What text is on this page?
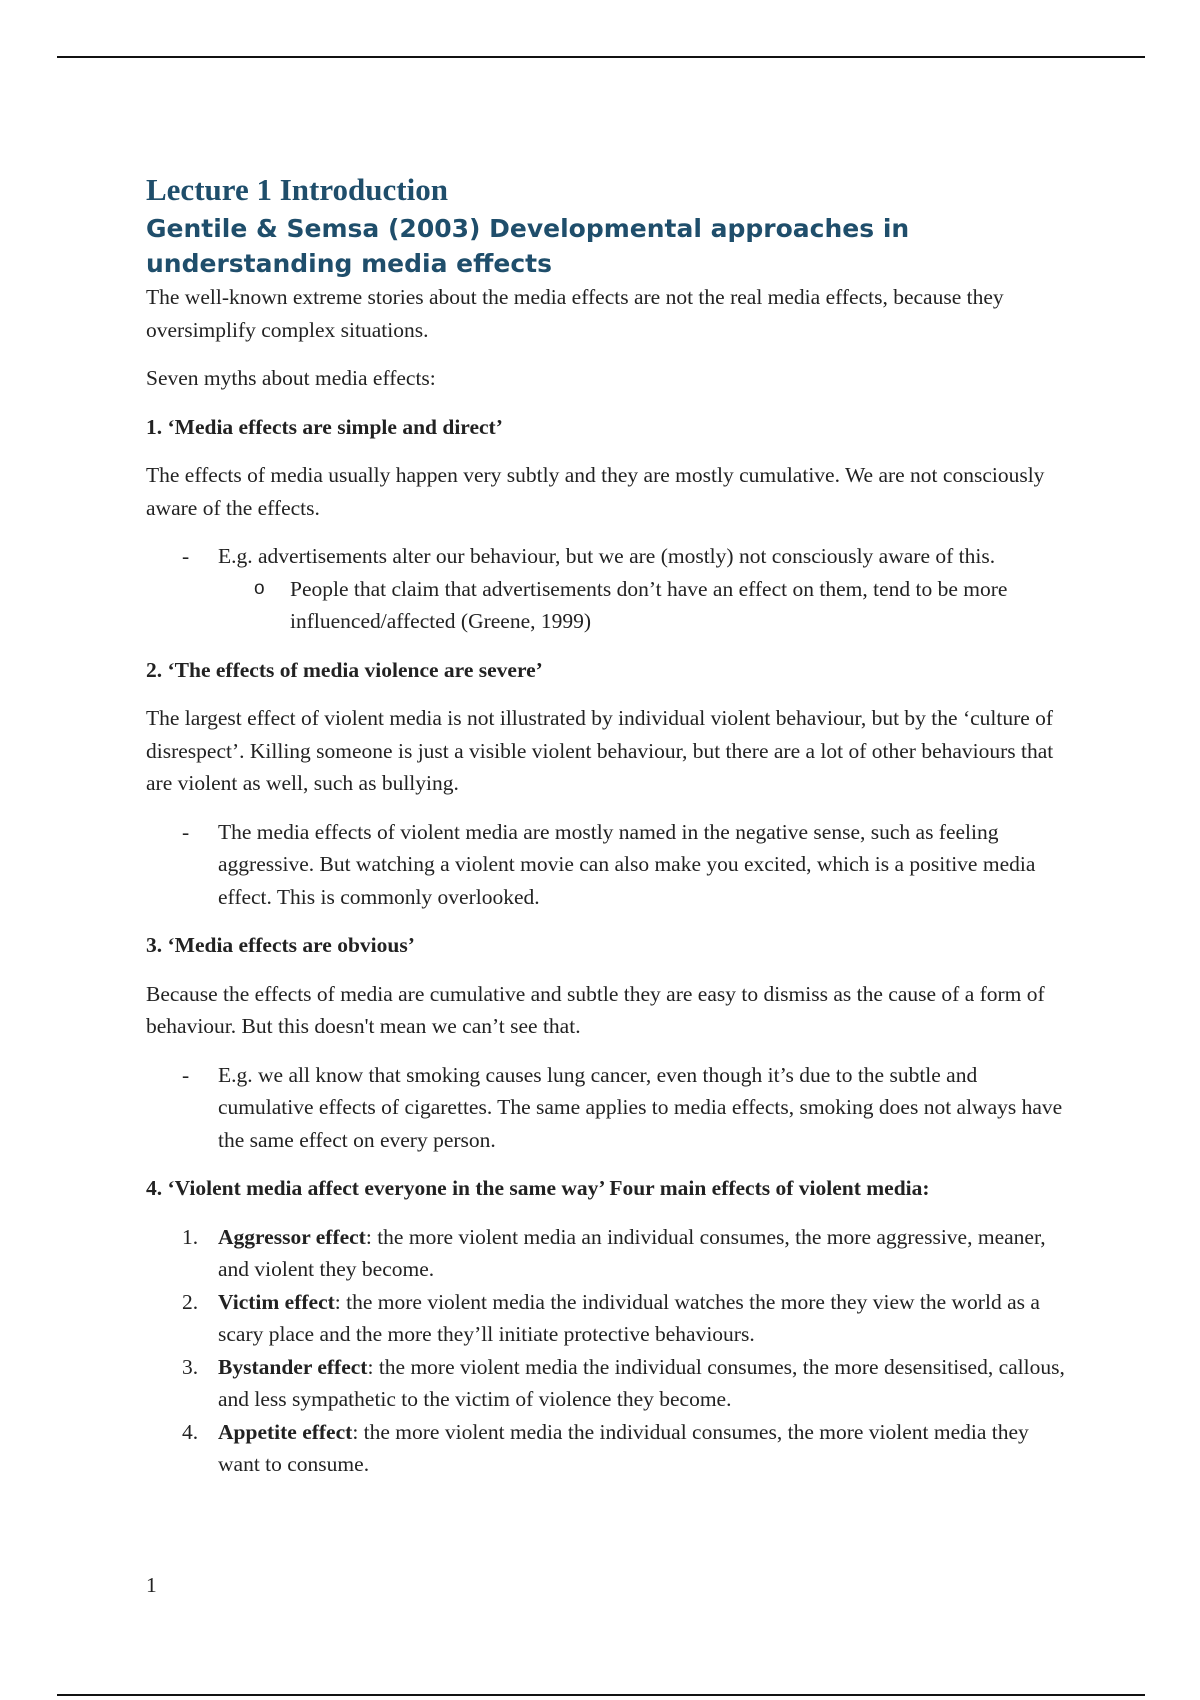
Lecture 1 Introduction
Gentile & Semsa (2003) Developmental approaches in understanding media effects

The well-known extreme stories about the media effects are not the real media effects, because they oversimplify complex situations.

Seven myths about media effects:

1. ‘Media effects are simple and direct’

The effects of media usually happen very subtly and they are mostly cumulative. We are not consciously aware of the effects.

- E.g. advertisements alter our behaviour, but we are (mostly) not consciously aware of this.
o People that claim that advertisements don’t have an effect on them, tend to be more influenced/affected (Greene, 1999)

2. ‘The effects of media violence are severe’

The largest effect of violent media is not illustrated by individual violent behaviour, but by the ‘culture of disrespect’. Killing someone is just a visible violent behaviour, but there are a lot of other behaviours that are violent as well, such as bullying.

- The media effects of violent media are mostly named in the negative sense, such as feeling aggressive. But watching a violent movie can also make you excited, which is a positive media effect. This is commonly overlooked.

3. ‘Media effects are obvious’

Because the effects of media are cumulative and subtle they are easy to dismiss as the cause of a form of behaviour. But this doesn't mean we can’t see that.

- E.g. we all know that smoking causes lung cancer, even though it’s due to the subtle and cumulative effects of cigarettes. The same applies to media effects, smoking does not always have the same effect on every person.

4. ‘Violent media affect everyone in the same way’ Four main effects of violent media:

1. Aggressor effect: the more violent media an individual consumes, the more aggressive, meaner, and violent they become.
2. Victim effect: the more violent media the individual watches the more they view the world as a scary place and the more they’ll initiate protective behaviours.
3. Bystander effect: the more violent media the individual consumes, the more desensitised, callous, and less sympathetic to the victim of violence they become.
4. Appetite effect: the more violent media the individual consumes, the more violent media they want to consume.
1
